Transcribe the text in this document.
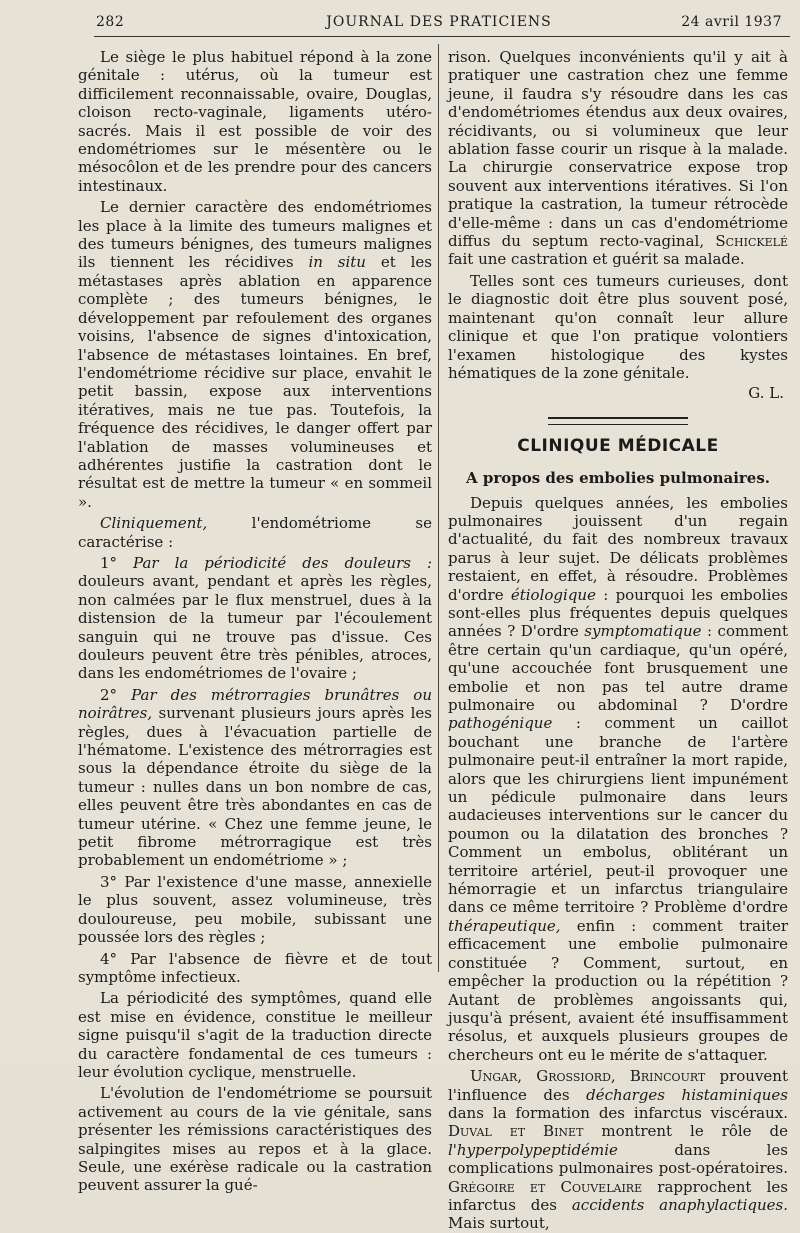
282	JOURNAL DES PRATICIENS	24 avril 1937

Le siège le plus habituel répond à la zone génitale : utérus, où la tumeur est difficilement reconnaissable, ovaire, Douglas, cloison recto-vaginale, ligaments utéro-sacrés. Mais il est possible de voir des endométriomes sur le mésentère ou le mésocôlon et de les prendre pour des cancers intestinaux.

Le dernier caractère des endométriomes les place à la limite des tumeurs malignes et des tumeurs bénignes, des tumeurs malignes ils tiennent les récidives in situ et les métastases après ablation en apparence complète ; des tumeurs bénignes, le développement par refoulement des organes voisins, l'absence de signes d'intoxication, l'absence de métastases lointaines. En bref, l'endométriome récidive sur place, envahit le petit bassin, expose aux interventions itératives, mais ne tue pas. Toutefois, la fréquence des récidives, le danger offert par l'ablation de masses volumineuses et adhérentes justifie la castration dont le résultat est de mettre la tumeur « en sommeil ».

Cliniquement, l'endométriome se caractérise :

1° Par la périodicité des douleurs : douleurs avant, pendant et après les règles, non calmées par le flux menstruel, dues à la distension de la tumeur par l'écoulement sanguin qui ne trouve pas d'issue. Ces douleurs peuvent être très pénibles, atroces, dans les endométriomes de l'ovaire ;

2° Par des métrorragies brunâtres ou noirâtres, survenant plusieurs jours après les règles, dues à l'évacuation partielle de l'hématome. L'existence des métrorragies est sous la dépendance étroite du siège de la tumeur : nulles dans un bon nombre de cas, elles peuvent être très abondantes en cas de tumeur utérine. « Chez une femme jeune, le petit fibrome métrorragique est très probablement un endométriome » ;

3° Par l'existence d'une masse, annexielle le plus souvent, assez volumineuse, très douloureuse, peu mobile, subissant une poussée lors des règles ;

4° Par l'absence de fièvre et de tout symptôme infectieux.

La périodicité des symptômes, quand elle est mise en évidence, constitue le meilleur signe puisqu'il s'agit de la traduction directe du caractère fondamental de ces tumeurs : leur évolution cyclique, menstruelle.

L'évolution de l'endométriome se poursuit activement au cours de la vie génitale, sans présenter les rémissions caractéristiques des salpingites mises au repos et à la glace. Seule, une exérèse radicale ou la castration peuvent assurer la gué-

rison. Quelques inconvénients qu'il y ait à pratiquer une castration chez une femme jeune, il faudra s'y résoudre dans les cas d'endométriomes étendus aux deux ovaires, récidivants, ou si volumineux que leur ablation fasse courir un risque à la malade. La chirurgie conservatrice expose trop souvent aux interventions itératives. Si l'on pratique la castration, la tumeur rétrocède d'elle-même : dans un cas d'endométriome diffus du septum recto-vaginal, Schickelé fait une castration et guérit sa malade.

Telles sont ces tumeurs curieuses, dont le diagnostic doit être plus souvent posé, maintenant qu'on connaît leur allure clinique et que l'on pratique volontiers l'examen histologique des kystes hématiques de la zone génitale.

G. L.

CLINIQUE MÉDICALE
A propos des embolies pulmonaires.

Depuis quelques années, les embolies pulmonaires jouissent d'un regain d'actualité, du fait des nombreux travaux parus à leur sujet. De délicats problèmes restaient, en effet, à résoudre. Problèmes d'ordre étiologique : pourquoi les embolies sont-elles plus fréquentes depuis quelques années ? D'ordre symptomatique : comment être certain qu'un cardiaque, qu'un opéré, qu'une accouchée font brusquement une embolie et non pas tel autre drame pulmonaire ou abdominal ? D'ordre pathogénique : comment un caillot bouchant une branche de l'artère pulmonaire peut-il entraîner la mort rapide, alors que les chirurgiens lient impunément un pédicule pulmonaire dans leurs audacieuses interventions sur le cancer du poumon ou la dilatation des bronches ? Comment un embolus, oblitérant un territoire artériel, peut-il provoquer une hémorragie et un infarctus triangulaire dans ce même territoire ? Problème d'ordre thérapeutique, enfin : comment traiter efficacement une embolie pulmonaire constituée ? Comment, surtout, en empêcher la production ou la répétition ? Autant de problèmes angoissants qui, jusqu'à présent, avaient été insuffisamment résolus, et auxquels plusieurs groupes de chercheurs ont eu le mérite de s'attaquer.

Ungar, Grossiord, Brincourt prouvent l'influence des décharges histaminiques dans la formation des infarctus viscéraux. Duval et Binet montrent le rôle de l'hyperpolypeptidémie dans les complications pulmonaires post-opératoires. Grégoire et Couvelaire rapprochent les infarctus des accidents anaphylactiques. Mais surtout,
